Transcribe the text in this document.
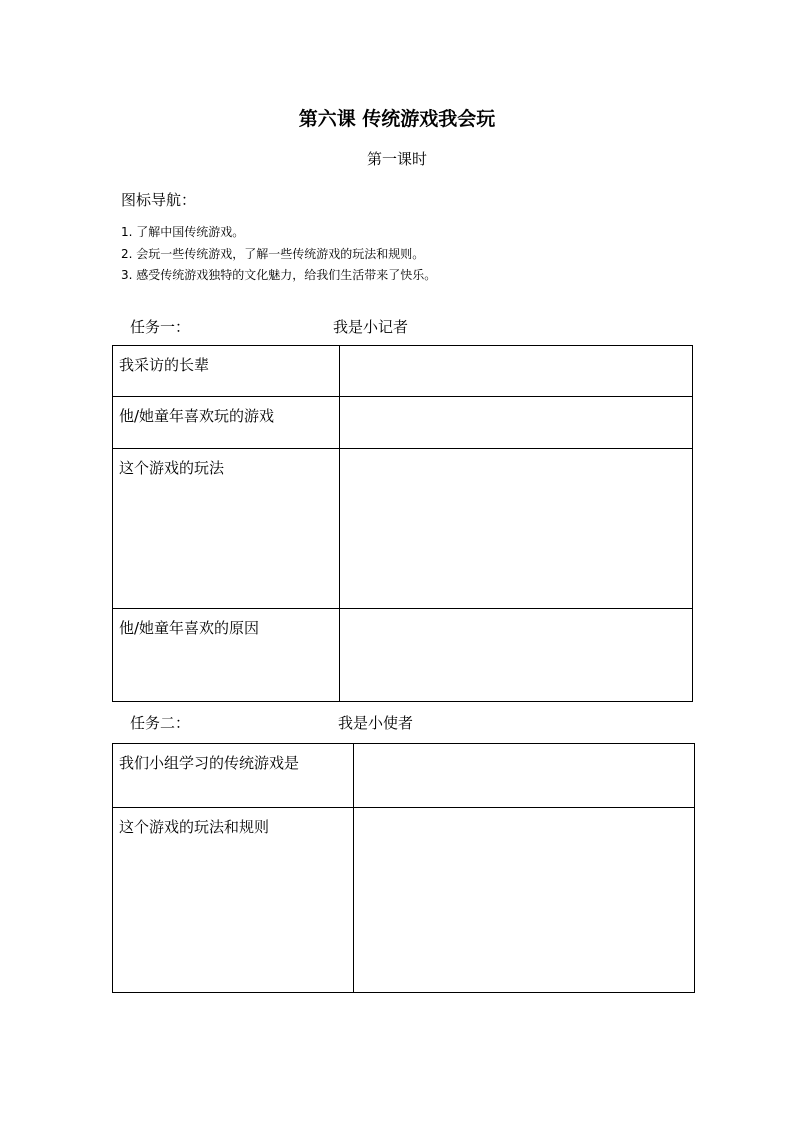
第六课 传统游戏我会玩
第一课时
图标导航：
1. 了解中国传统游戏。
2. 会玩一些传统游戏，了解一些传统游戏的玩法和规则。
3. 感受传统游戏独特的文化魅力，给我们生活带来了快乐。
任务一：	我是小记者
我采访的长辈	
他/她童年喜欢玩的游戏	
这个游戏的玩法	
他/她童年喜欢的原因	
任务二：	我是小使者
我们小组学习的传统游戏是	
这个游戏的玩法和规则	
